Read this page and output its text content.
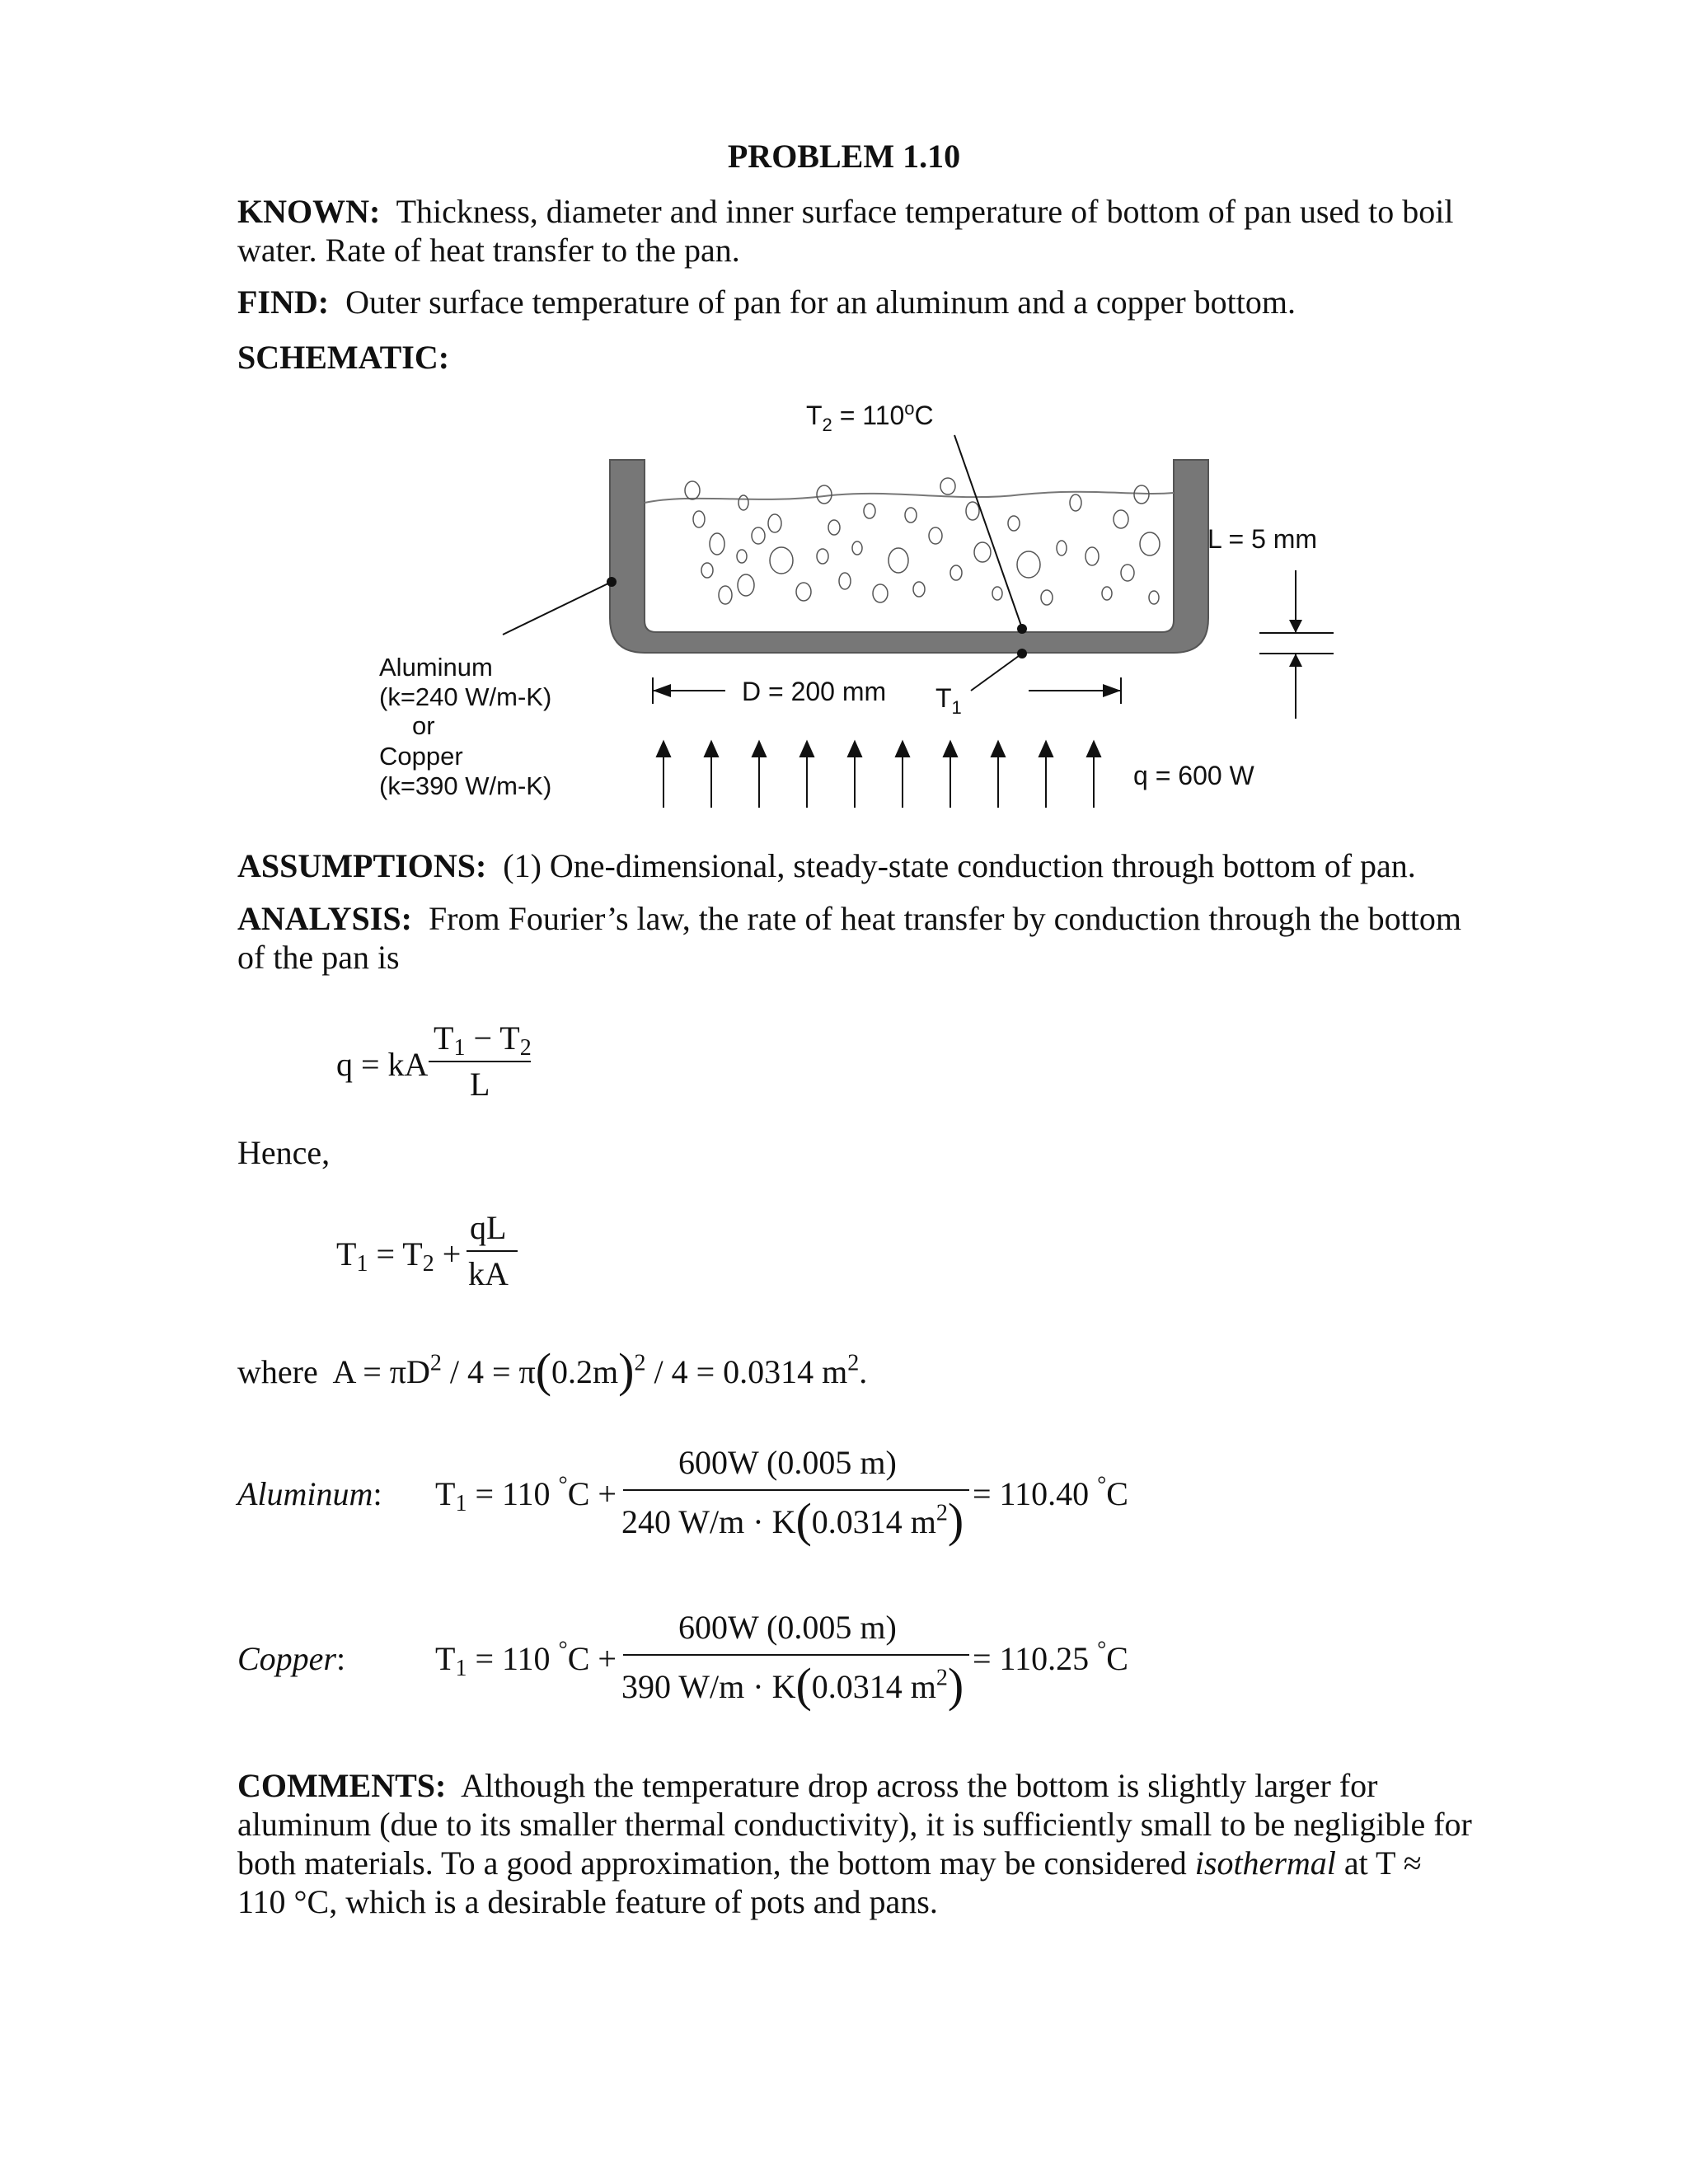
PROBLEM 1.10
KNOWN: Thickness, diameter and inner surface temperature of bottom of pan used to boil
water. Rate of heat transfer to the pan.
FIND: Outer surface temperature of pan for an aluminum and a copper bottom.
SCHEMATIC:
$T_2 = 110^oC$
$T_1$
Aluminum
(k=240 W/m-K)
or
Copper
(k=390 W/m-K)
D = 200 mm
q = 600 W
L = 5 mm
ASSUMPTIONS: (1) One-dimensional, steady-state conduction through bottom of pan.
ANALYSIS: From Fourier’s law, the rate of heat transfer by conduction through the bottom
of the pan is
q = kA
$T_1 - T_2$
L
Hence,
$T_1 = T_2$ +
qL
kA
where $A = \pi D^2 / 4 = \pi(0.2m)^2 / 4 = 0.0314$ $m^2$.
Aluminum: $T_1 = 110$ °C +
600W (0.005 m)
240 W/m · K(0.0314 $m^2) = 110.40$ °C
Copper:	$T_1 = 110$ °C +
600W (0.005 m)
390 W/m · K(0.0314 $m^2) = 110.25$ °C
COMMENTS: Although the temperature drop across the bottom is slightly larger for
aluminum (due to its smaller thermal conductivity), it is sufficiently small to be negligible for
both materials. To a good approximation, the bottom may be considered isothermal at T ≈
110 °C, which is a desirable feature of pots and pans.
